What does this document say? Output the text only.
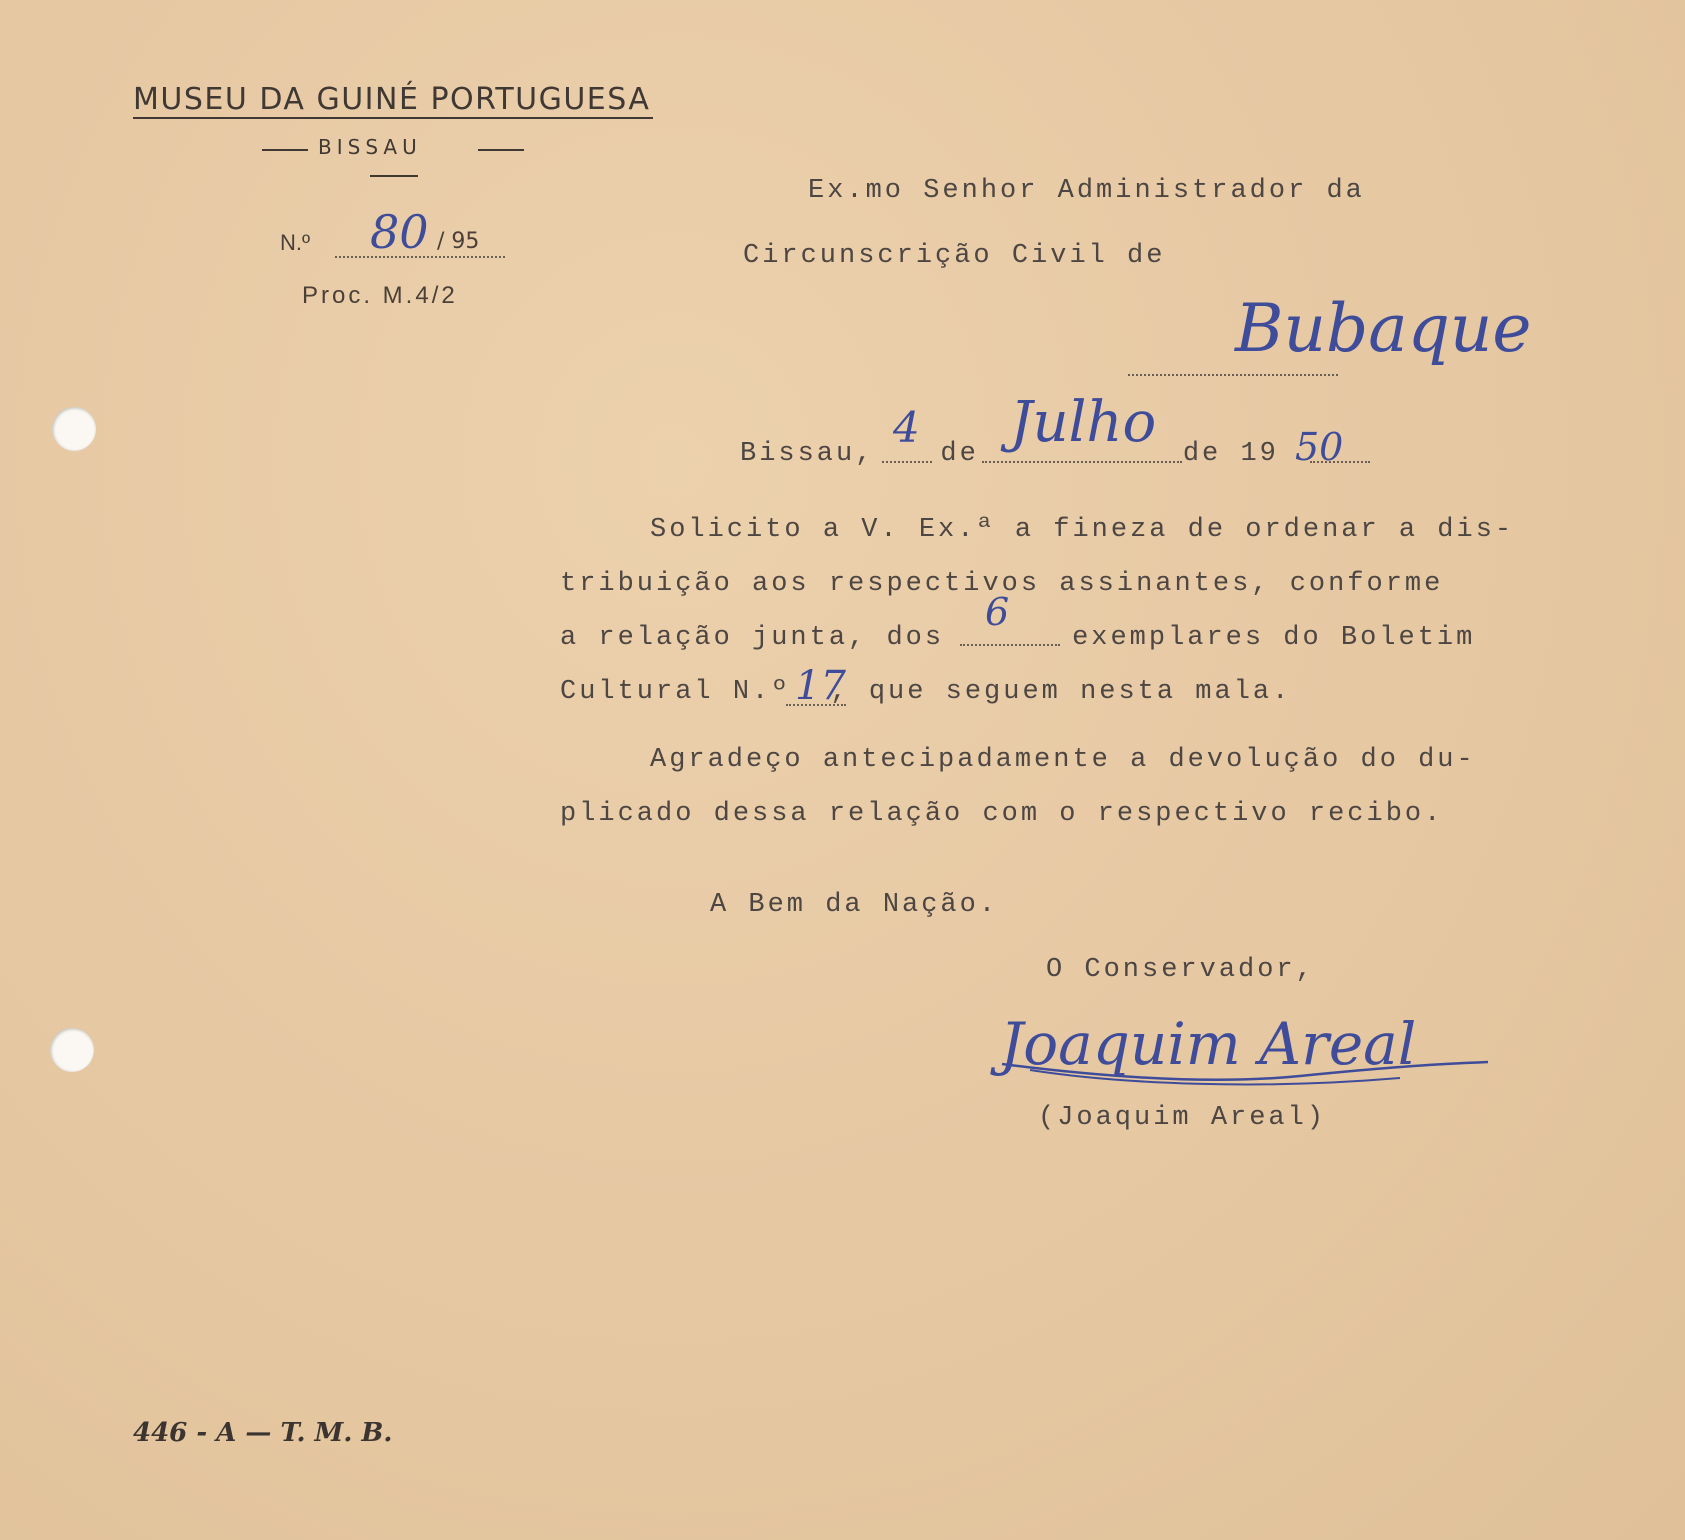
MUSEU DA GUINÉ PORTUGUESA
BISSAU
N.º 80 / 95
Proc. M.4/2
Ex.mo Senhor Administrador da
Circunscrição Civil de
Bubaque
Bissau, de	de 19
4 Julho	50
Solicito a V. Ex.ª a fineza de ordenar a dis-
tribuição aos respectivos assinantes, conforme
a relação junta, dos	exemplares do Boletim
Cultural N.º , que seguem nesta mala.
6
17
Agradeço antecipadamente a devolução do du-
plicado dessa relação com o respectivo recibo.
A Bem da Nação.
O Conservador,
Joaquim Areal
(Joaquim Areal)
446 - A — T. M. B.
